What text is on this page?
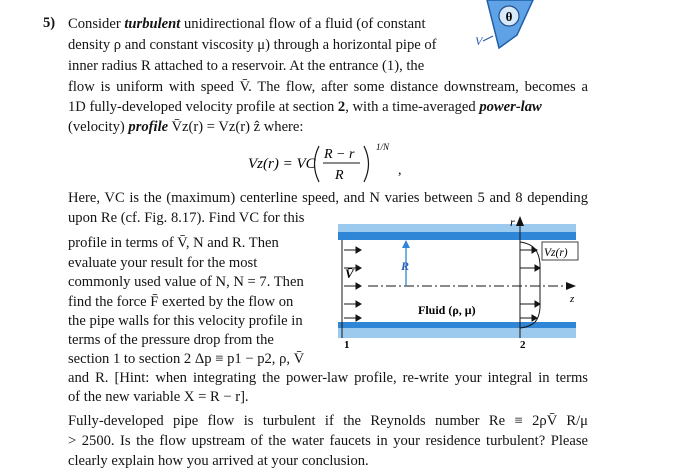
θ
V
5) Consider turbulent unidirectional flow of a fluid (of constant
density ρ and constant viscosity μ) through a horizontal pipe of
inner radius R attached to a reservoir. At the entrance (1), the
flow is uniform with speed V̄. The flow, after some distance downstream, becomes a
1D fully-developed velocity profile at section 2, with a time-averaged power-law
(velocity) profile V̄z(r) = Vz(r) ẑ where:
Vz(r) = VC
R − r
R
1/N
,
Here, VC is the (maximum) centerline speed, and N varies between 5 and 8 depending
upon Re (cf. Fig. 8.17). Find VC for this
profile in terms of V̄, N and R. Then
evaluate your result for the most
commonly used value of N, N = 7. Then
find the force F̄ exerted by the flow on
the pipe walls for this velocity profile in
terms of the pressure drop from the
section 1 to section 2 Δp ≡ p1 − p2, ρ, V̄
and R. [Hint: when integrating the power-law profile, re-write your integral in terms
of the new variable X = R − r].
Fully-developed pipe flow is turbulent if the Reynolds number Re ≡ 2ρV̄ R/μ
> 2500. Is the flow upstream of the water faucets in your residence turbulent? Please
clearly explain how you arrived at your conclusion.
V̄
z
R
Fluid (ρ, μ)
r
Vz(r)
1	2
